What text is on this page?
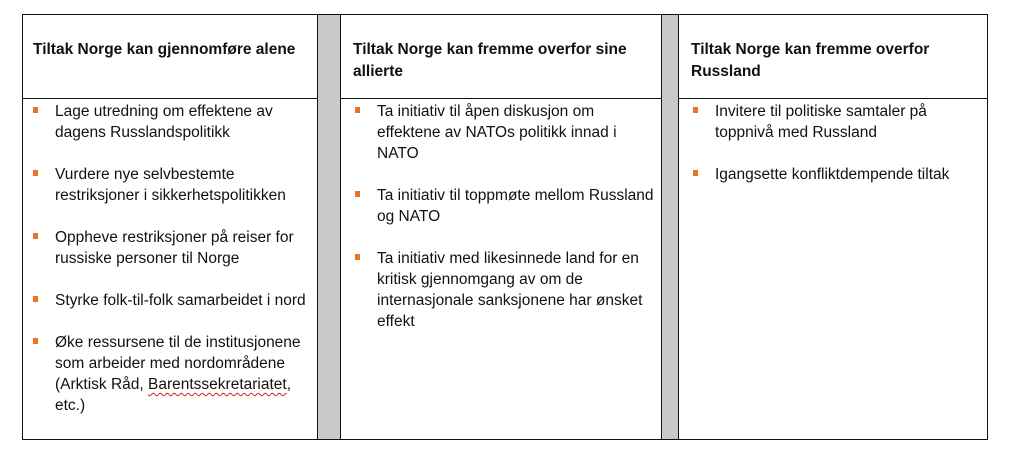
Tiltak Norge kan gjennomføre alene
Lage utredning om effektene av dagens Russlandspolitikk
Vurdere nye selvbestemte restriksjoner i sikkerhetspolitikken
Oppheve restriksjoner på reiser for russiske personer til Norge
Styrke folk-til-folk samarbeidet i nord
Øke ressursene til de institusjonene som arbeider med nordområdene (Arktisk Råd, Barentssekretariatet, etc.)
Tiltak Norge kan fremme overfor sine allierte
Ta initiativ til åpen diskusjon om effektene av NATOs politikk innad i NATO
Ta initiativ til toppmøte mellom Russland og NATO
Ta initiativ med likesinnede land for en kritisk gjennomgang av om de internasjonale sanksjonene har ønsket effekt
Tiltak Norge kan fremme overfor Russland
Invitere til politiske samtaler på toppnivå med Russland
Igangsette konfliktdempende tiltak
